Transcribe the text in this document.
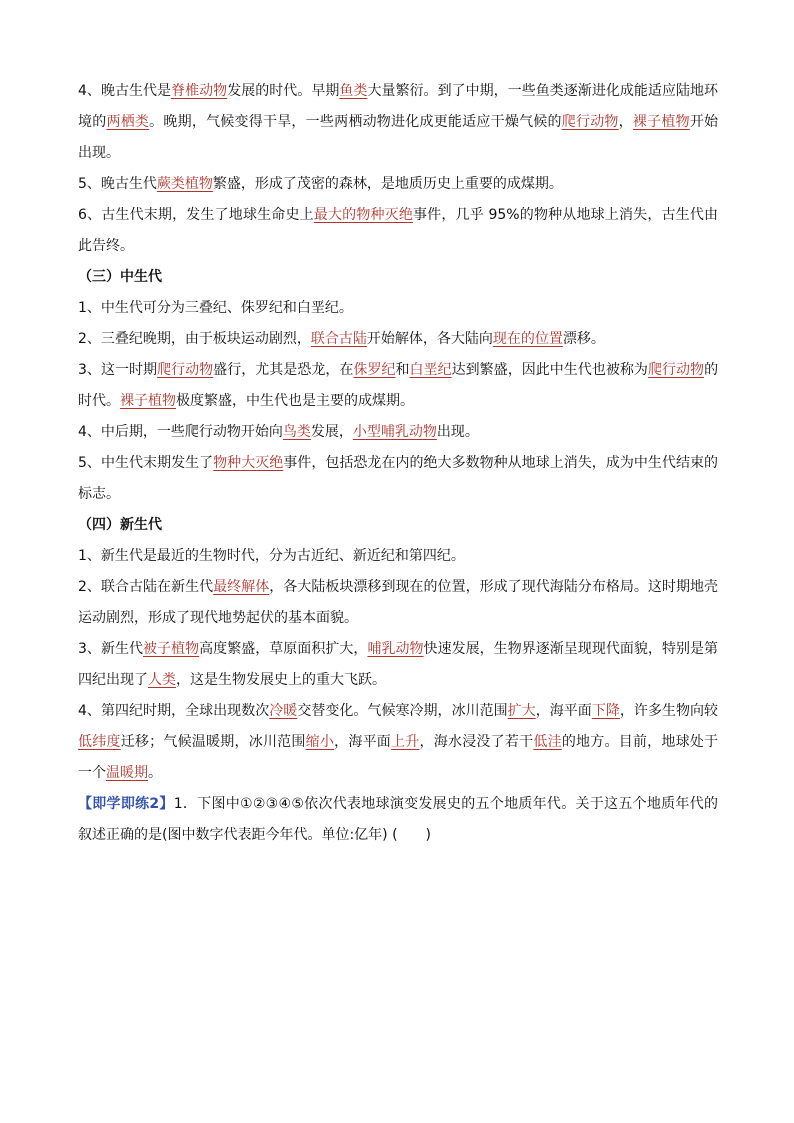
4、晚古生代是脊椎动物发展的时代。早期鱼类大量繁衍。到了中期，一些鱼类逐渐进化成能适应陆地环境的两栖类。晚期，气候变得干旱，一些两栖动物进化成更能适应干燥气候的爬行动物，裸子植物开始出现。

5、晚古生代蕨类植物繁盛，形成了茂密的森林，是地质历史上重要的成煤期。

6、古生代末期，发生了地球生命史上最大的物种灭绝事件，几乎 95%的物种从地球上消失，古生代由此告终。

（三）中生代

1、中生代可分为三叠纪、侏罗纪和白垩纪。

2、三叠纪晚期，由于板块运动剧烈，联合古陆开始解体，各大陆向现在的位置漂移。

3、这一时期爬行动物盛行，尤其是恐龙，在侏罗纪和白垩纪达到繁盛，因此中生代也被称为爬行动物的时代。裸子植物极度繁盛，中生代也是主要的成煤期。

4、中后期，一些爬行动物开始向鸟类发展，小型哺乳动物出现。

5、中生代末期发生了物种大灭绝事件，包括恐龙在内的绝大多数物种从地球上消失，成为中生代结束的标志。

（四）新生代

1、新生代是最近的生物时代，分为古近纪、新近纪和第四纪。

2、联合古陆在新生代最终解体，各大陆板块漂移到现在的位置，形成了现代海陆分布格局。这时期地壳运动剧烈，形成了现代地势起伏的基本面貌。

3、新生代被子植物高度繁盛，草原面积扩大，哺乳动物快速发展，生物界逐渐呈现现代面貌，特别是第四纪出现了人类，这是生物发展史上的重大飞跃。

4、第四纪时期，全球出现数次冷暖交替变化。气候寒冷期，冰川范围扩大，海平面下降，许多生物向较低纬度迁移；气候温暖期，冰川范围缩小，海平面上升，海水浸没了若干低洼的地方。目前，地球处于一个温暖期。

【即学即练2】1．下图中①②③④⑤依次代表地球演变发展史的五个地质年代。关于这五个地质年代的叙述正确的是(图中数字代表距今年代。单位:亿年) (　　)
